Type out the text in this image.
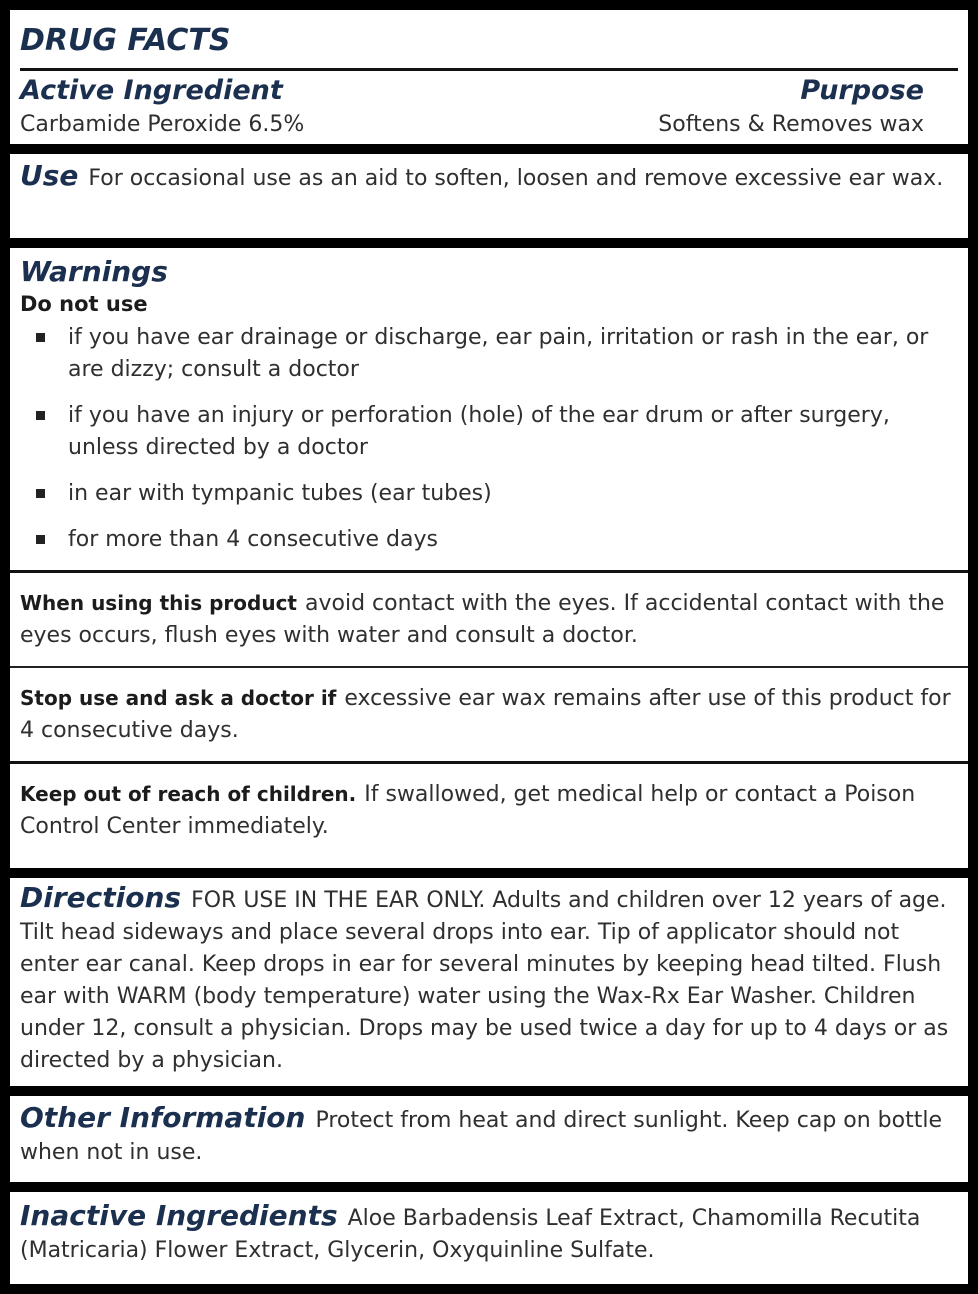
DRUG FACTS
Active Ingredient	Purpose
Carbamide Peroxide 6.5%	Softens & Removes wax
Use For occasional use as an aid to soften, loosen and remove excessive ear wax.
Warnings
Do not use
if you have ear drainage or discharge, ear pain, irritation or rash in the ear, or are dizzy; consult a doctor
if you have an injury or perforation (hole) of the ear drum or after surgery, unless directed by a doctor
in ear with tympanic tubes (ear tubes)
for more than 4 consecutive days
When using this product avoid contact with the eyes. If accidental contact with the eyes occurs, flush eyes with water and consult a doctor.
Stop use and ask a doctor if excessive ear wax remains after use of this product for 4 consecutive days.
Keep out of reach of children. If swallowed, get medical help or contact a Poison Control Center immediately.
Directions FOR USE IN THE EAR ONLY. Adults and children over 12 years of age. Tilt head sideways and place several drops into ear. Tip of applicator should not enter ear canal. Keep drops in ear for several minutes by keeping head tilted. Flush ear with WARM (body temperature) water using the Wax-Rx Ear Washer. Children under 12, consult a physician. Drops may be used twice a day for up to 4 days or as directed by a physician.
Other Information Protect from heat and direct sunlight. Keep cap on bottle when not in use.
Inactive Ingredients Aloe Barbadensis Leaf Extract, Chamomilla Recutita (Matricaria) Flower Extract, Glycerin, Oxyquinline Sulfate.
